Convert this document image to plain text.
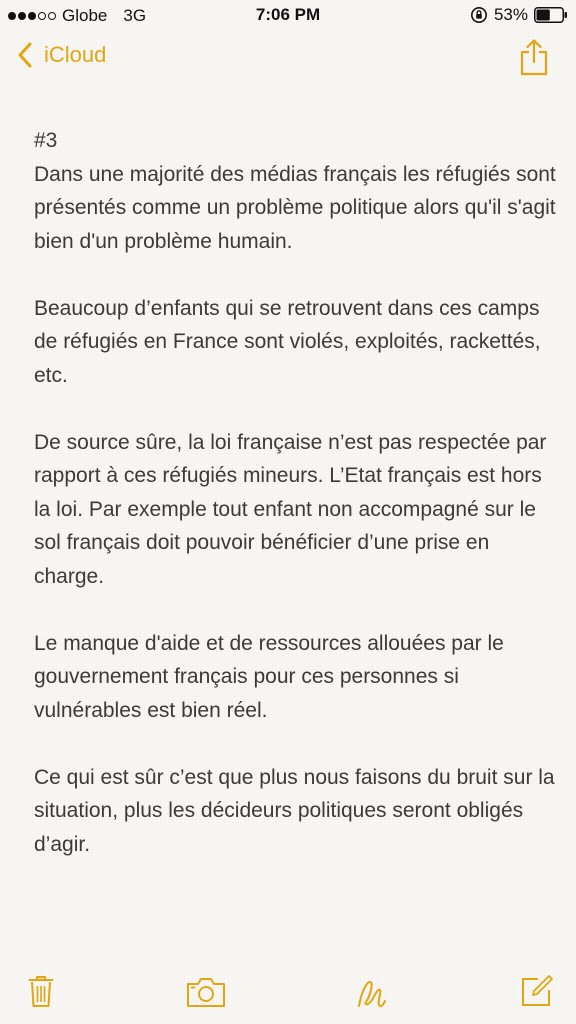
Globe 3G	7:06 PM	53%
iCloud

#3

Dans une majorité des médias français les réfugiés sont présentés comme un problème politique alors qu'il s'agit bien d'un problème humain.

Beaucoup d’enfants qui se retrouvent dans ces camps de réfugiés en France sont violés, exploités, rackettés, etc.

De source sûre, la loi française n’est pas respectée par rapport à ces réfugiés mineurs. L’Etat français est hors la loi. Par exemple tout enfant non accompagné sur le sol français doit pouvoir bénéficier d’une prise en charge.

Le manque d'aide et de ressources allouées par le gouvernement français pour ces personnes si vulnérables est bien réel.

Ce qui est sûr c’est que plus nous faisons du bruit sur la situation, plus les décideurs politiques seront obligés d’agir.
